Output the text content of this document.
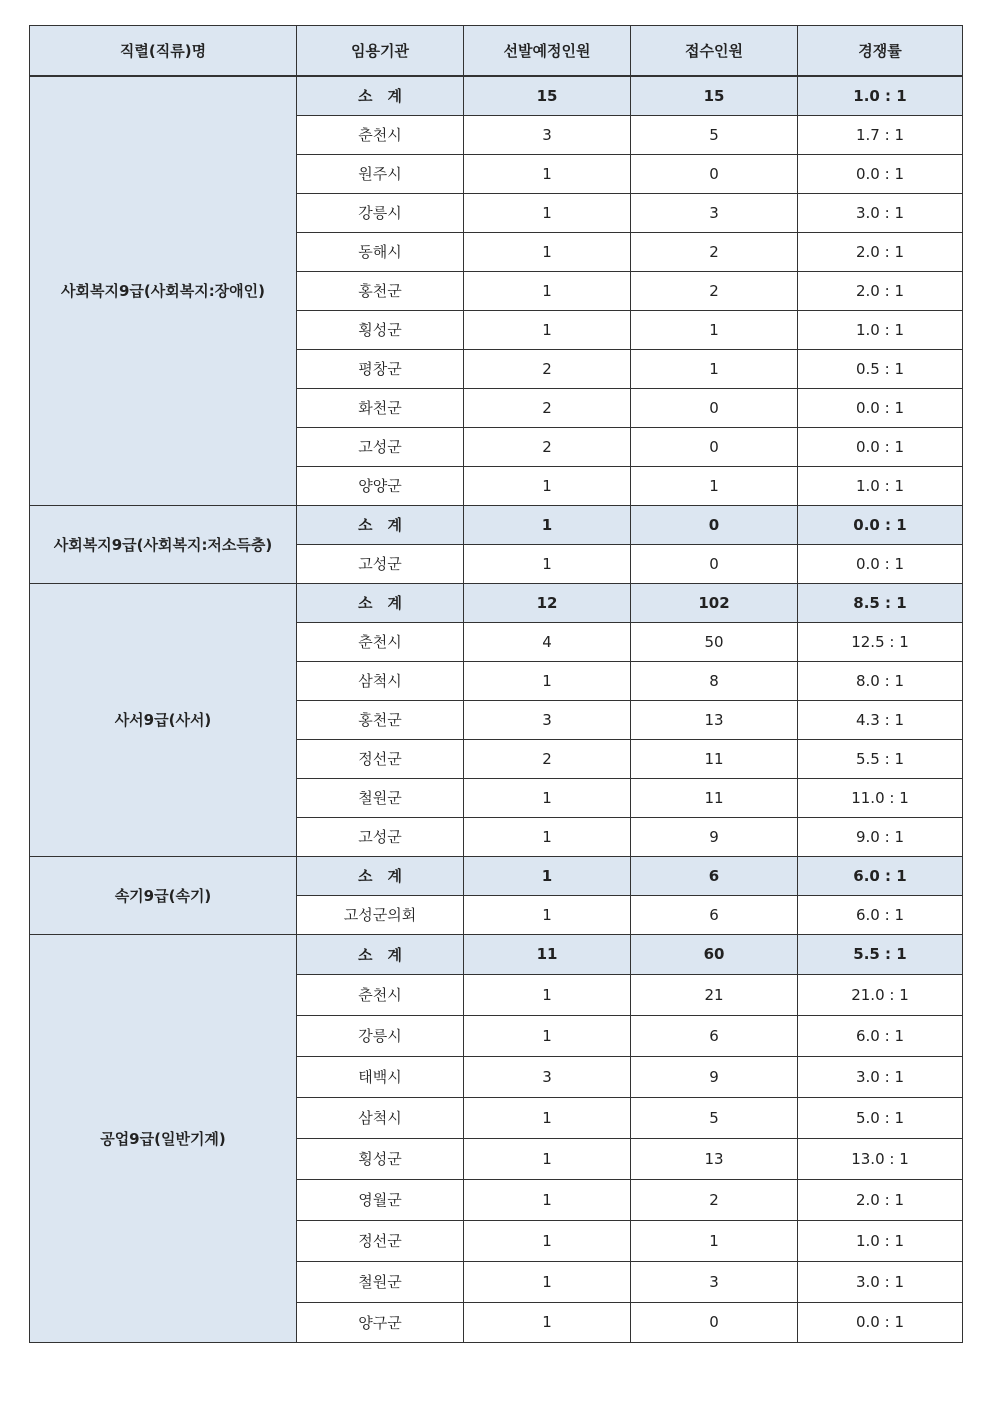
직렬(직류)명	임용기관	선발예정인원	접수인원	경쟁률
사회복지9급(사회복지:장애인)	소　계	15	15	1.0 : 1
	춘천시	3	5	1.7 : 1
	원주시	1	0	0.0 : 1
	강릉시	1	3	3.0 : 1
	동해시	1	2	2.0 : 1
	홍천군	1	2	2.0 : 1
	횡성군	1	1	1.0 : 1
	평창군	2	1	0.5 : 1
	화천군	2	0	0.0 : 1
	고성군	2	0	0.0 : 1
	양양군	1	1	1.0 : 1
사회복지9급(사회복지:저소득층)	소　계	1	0	0.0 : 1
	고성군	1	0	0.0 : 1
사서9급(사서)	소　계	12	102	8.5 : 1
	춘천시	4	50	12.5 : 1
	삼척시	1	8	8.0 : 1
	홍천군	3	13	4.3 : 1
	정선군	2	11	5.5 : 1
	철원군	1	11	11.0 : 1
	고성군	1	9	9.0 : 1
속기9급(속기)	소　계	1	6	6.0 : 1
	고성군의회	1	6	6.0 : 1
공업9급(일반기계)	소　계	11	60	5.5 : 1
	춘천시	1	21	21.0 : 1
	강릉시	1	6	6.0 : 1
	태백시	3	9	3.0 : 1
	삼척시	1	5	5.0 : 1
	횡성군	1	13	13.0 : 1
	영월군	1	2	2.0 : 1
	정선군	1	1	1.0 : 1
	철원군	1	3	3.0 : 1
	양구군	1	0	0.0 : 1
